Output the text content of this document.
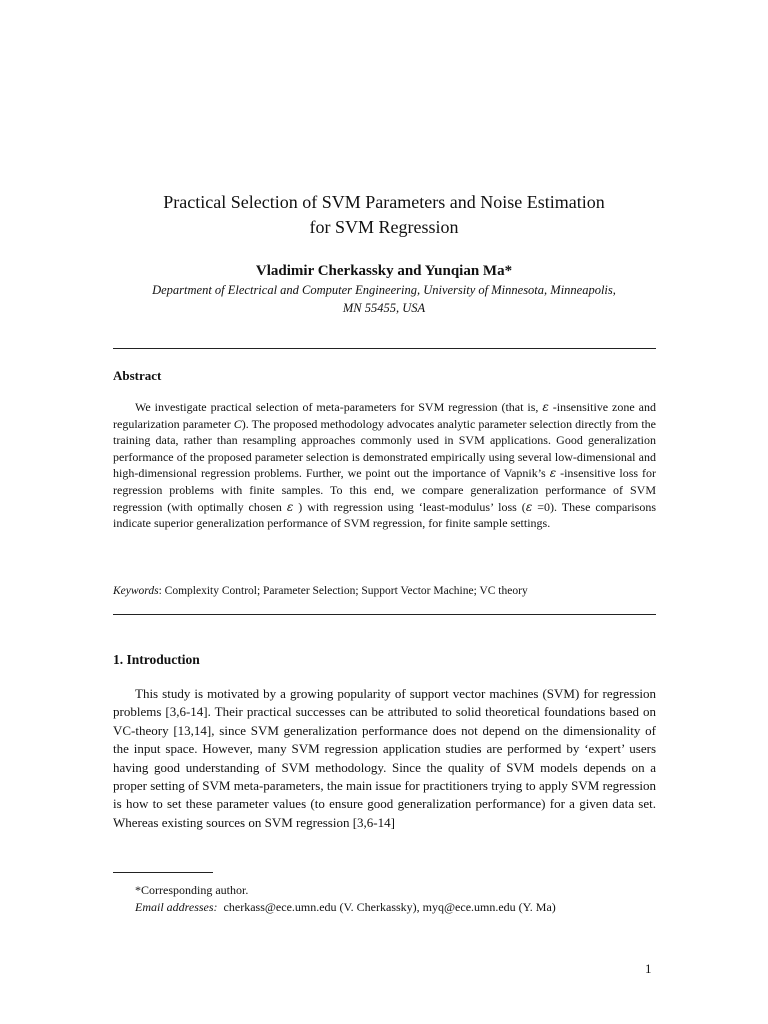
Practical Selection of SVM Parameters and Noise Estimation
for SVM Regression
Vladimir Cherkassky and Yunqian Ma*
Department of Electrical and Computer Engineering, University of Minnesota, Minneapolis,
MN 55455, USA
Abstract
We investigate practical selection of meta-parameters for SVM regression (that is, ε -insensitive zone and regularization parameter C). The proposed methodology advocates analytic parameter selection directly from the training data, rather than resampling approaches commonly used in SVM applications. Good generalization performance of the proposed parameter selection is demonstrated empirically using several low-dimensional and high-dimensional regression problems. Further, we point out the importance of Vapnik’s ε -insensitive loss for regression problems with finite samples. To this end, we compare generalization performance of SVM regression (with optimally chosen ε ) with regression using ‘least-modulus’ loss (ε =0). These comparisons indicate superior generalization performance of SVM regression, for finite sample settings.
Keywords: Complexity Control; Parameter Selection; Support Vector Machine; VC theory
1. Introduction
This study is motivated by a growing popularity of support vector machines (SVM) for regression problems [3,6-14]. Their practical successes can be attributed to solid theoretical foundations based on VC-theory [13,14], since SVM generalization performance does not depend on the dimensionality of the input space. However, many SVM regression application studies are performed by ‘expert’ users having good understanding of SVM methodology. Since the quality of SVM models depends on a proper setting of SVM meta-parameters, the main issue for practitioners trying to apply SVM regression is how to set these parameter values (to ensure good generalization performance) for a given data set. Whereas existing sources on SVM regression [3,6-14]
*Corresponding author.
Email addresses:  cherkass@ece.umn.edu (V. Cherkassky), myq@ece.umn.edu (Y. Ma)
1
